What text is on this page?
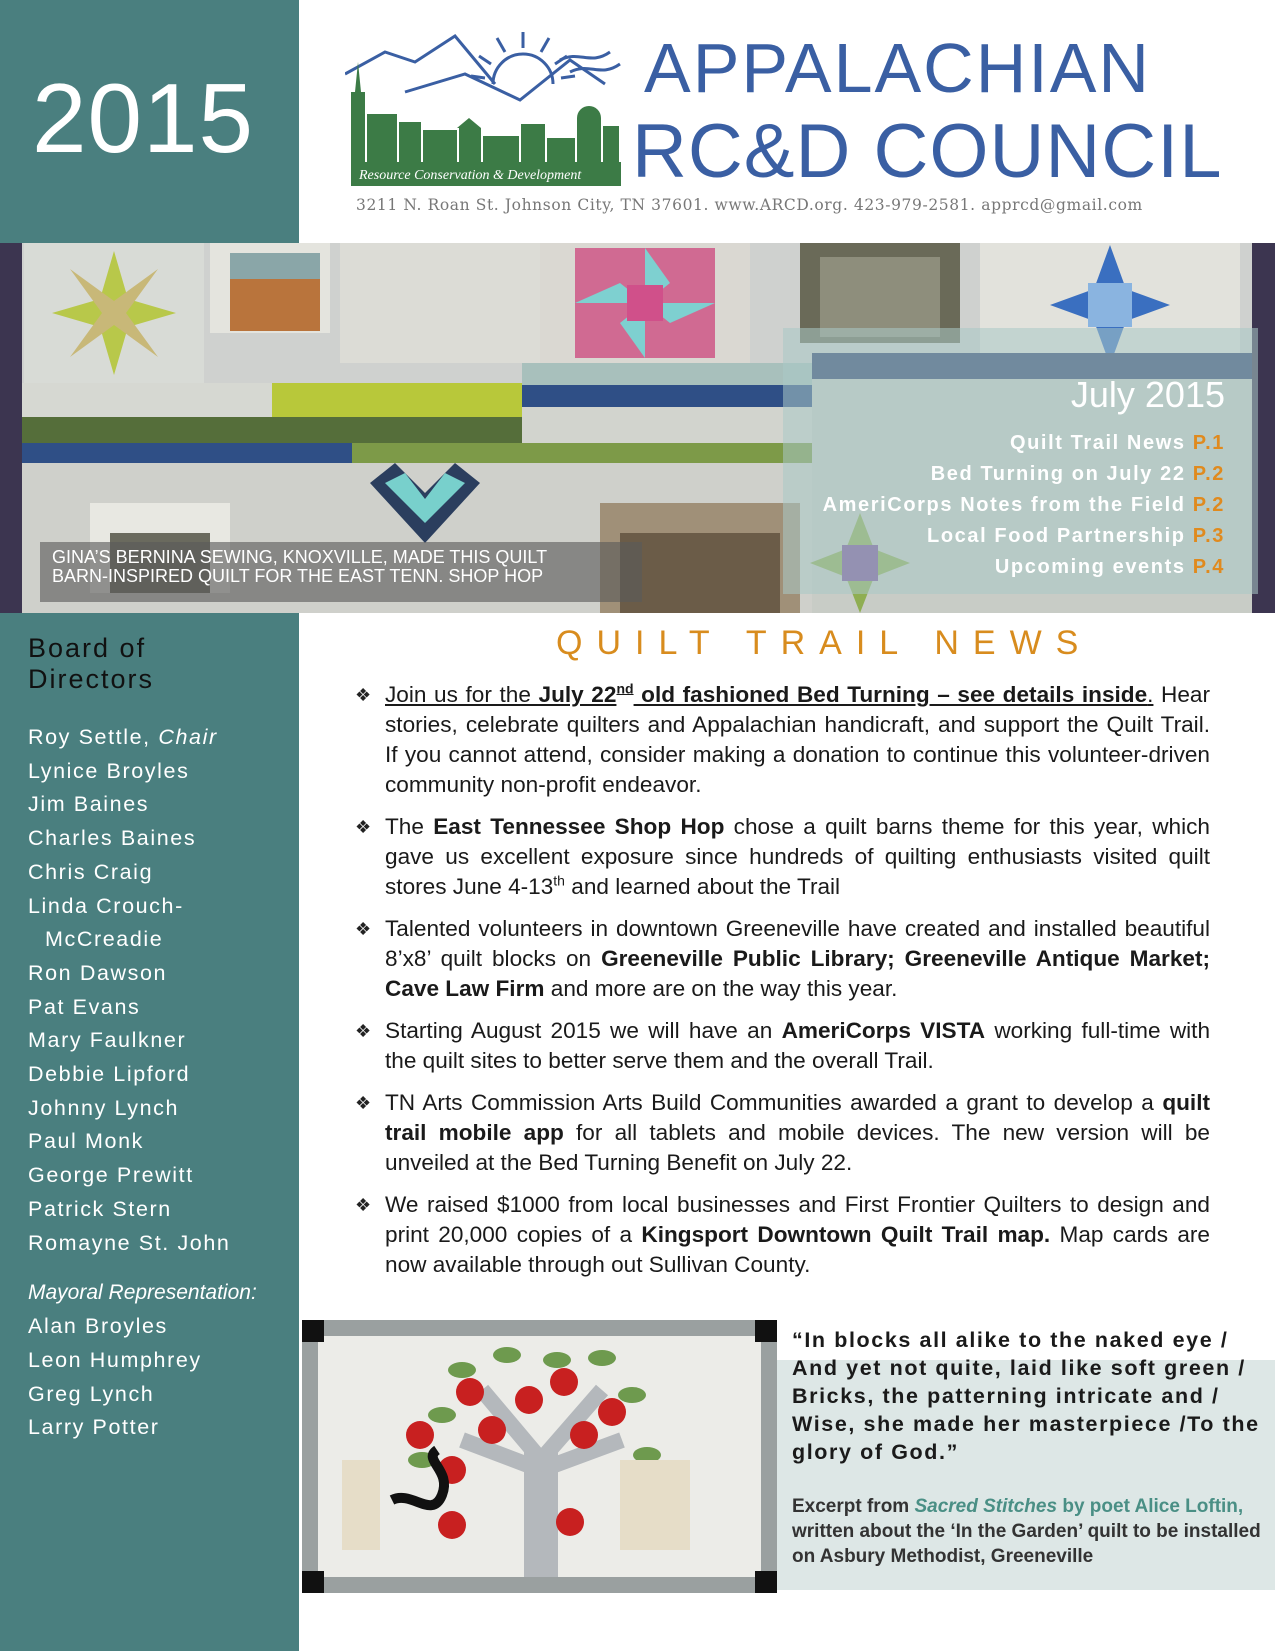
2015
Resource Conservation & Development
APPALACHIAN
RC&D COUNCIL
3211 N. Roan St. Johnson City, TN 37601. www.ARCD.org. 423-979-2581. apprcd@gmail.com
GINA’S BERNINA SEWING, KNOXVILLE, MADE THIS QUILT
BARN-INSPIRED QUILT FOR THE EAST TENN. SHOP HOP
July 2015
Quilt Trail News P.1
Bed Turning on July 22 P.2
AmeriCorps Notes from the Field P.2
Local Food Partnership P.3
Upcoming events P.4
Board of Directors
Roy Settle, Chair
Lynice Broyles
Jim Baines
Charles Baines
Chris Craig
Linda Crouch-
McCreadie
Ron Dawson
Pat Evans
Mary Faulkner
Debbie Lipford
Johnny Lynch
Paul Monk
George Prewitt
Patrick Stern
Romayne St. John
Mayoral Representation:
Alan Broyles
Leon Humphrey
Greg Lynch
Larry Potter
QUILT TRAIL NEWS
❖ Join us for the July 22nd old fashioned Bed Turning – see details inside. Hear stories, celebrate quilters and Appalachian handicraft, and support the Quilt Trail. If you cannot attend, consider making a donation to continue this volunteer-driven community non-profit endeavor.
❖ The East Tennessee Shop Hop chose a quilt barns theme for this year, which gave us excellent exposure since hundreds of quilting enthusiasts visited quilt stores June 4-13th and learned about the Trail
❖ Talented volunteers in downtown Greeneville have created and installed beautiful 8’x8’ quilt blocks on Greeneville Public Library; Greeneville Antique Market; Cave Law Firm and more are on the way this year.
❖ Starting August 2015 we will have an AmeriCorps VISTA working full-time with the quilt sites to better serve them and the overall Trail.
❖ TN Arts Commission Arts Build Communities awarded a grant to develop a quilt trail mobile app for all tablets and mobile devices. The new version will be unveiled at the Bed Turning Benefit on July 22.
❖ We raised $1000 from local businesses and First Frontier Quilters to design and print 20,000 copies of a Kingsport Downtown Quilt Trail map. Map cards are now available through out Sullivan County.
“In blocks all alike to the naked eye / And yet not quite, laid like soft green / Bricks, the patterning intricate and / Wise, she made her masterpiece /To the glory of God.”
Excerpt from Sacred Stitches by poet Alice Loftin, written about the ‘In the Garden’ quilt to be installed on Asbury Methodist, Greeneville
